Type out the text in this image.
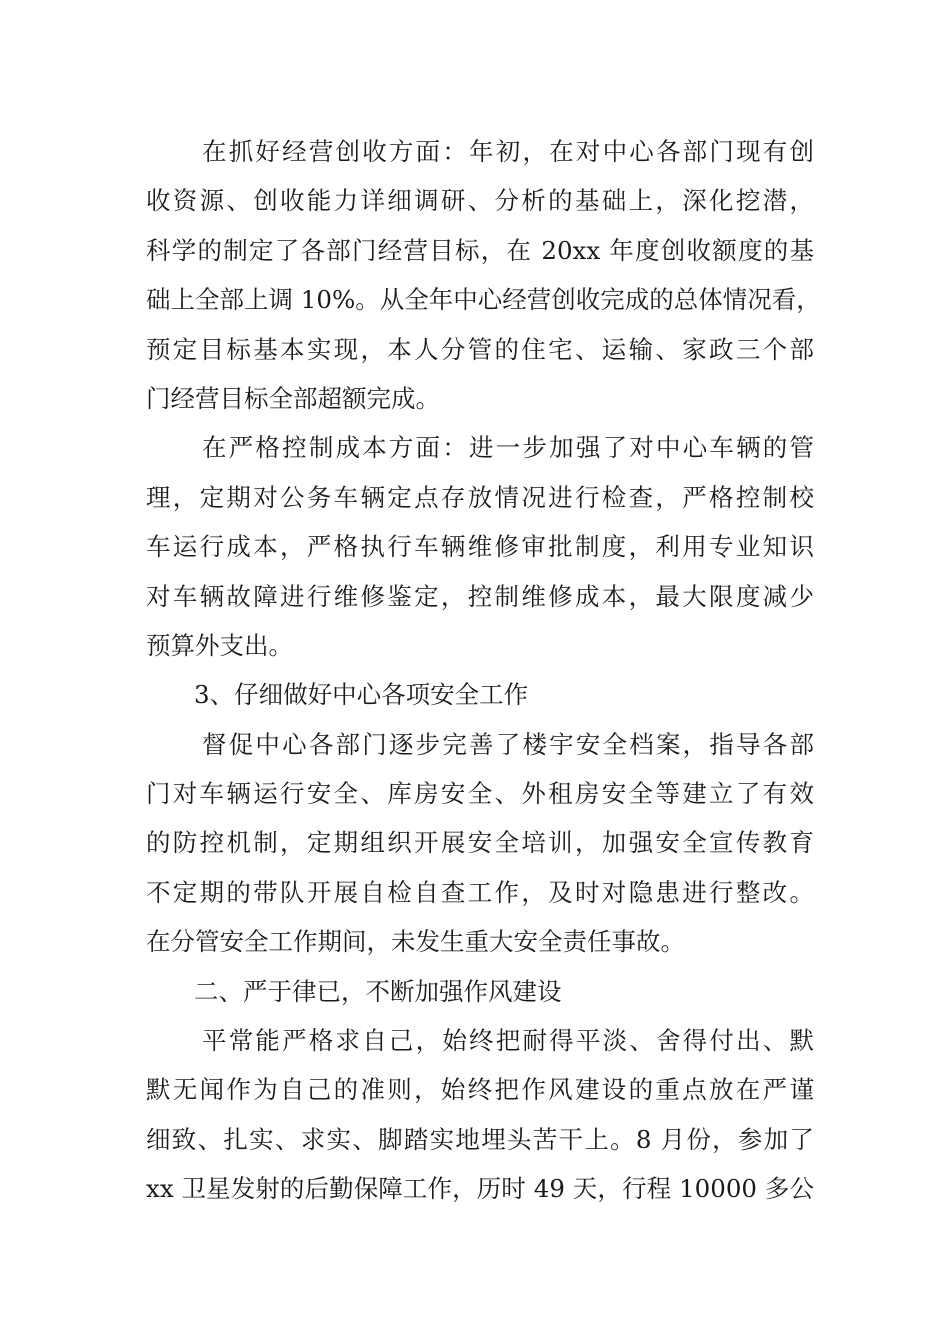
在抓好经营创收方面：年初，在对中心各部门现有创
收资源、创收能力详细调研、分析的基础上，深化挖潜，
科学的制定了各部门经营目标，在 20xx 年度创收额度的基
础上全部上调 10%。从全年中心经营创收完成的总体情况看，
预定目标基本实现，本人分管的住宅、运输、家政三个部
门经营目标全部超额完成。
在严格控制成本方面：进一步加强了对中心车辆的管
理，定期对公务车辆定点存放情况进行检查，严格控制校
车运行成本，严格执行车辆维修审批制度，利用专业知识
对车辆故障进行维修鉴定，控制维修成本，最大限度减少
预算外支出。
3、仔细做好中心各项安全工作
督促中心各部门逐步完善了楼宇安全档案，指导各部
门对车辆运行安全、库房安全、外租房安全等建立了有效
的防控机制，定期组织开展安全培训，加强安全宣传教育
不定期的带队开展自检自查工作，及时对隐患进行整改。
在分管安全工作期间，未发生重大安全责任事故。
二、严于律已，不断加强作风建设
平常能严格求自己，始终把耐得平淡、舍得付出、默
默无闻作为自己的准则，始终把作风建设的重点放在严谨
细致、扎实、求实、脚踏实地埋头苦干上。8 月份，参加了
xx 卫星发射的后勤保障工作，历时 49 天，行程 10000 多公
